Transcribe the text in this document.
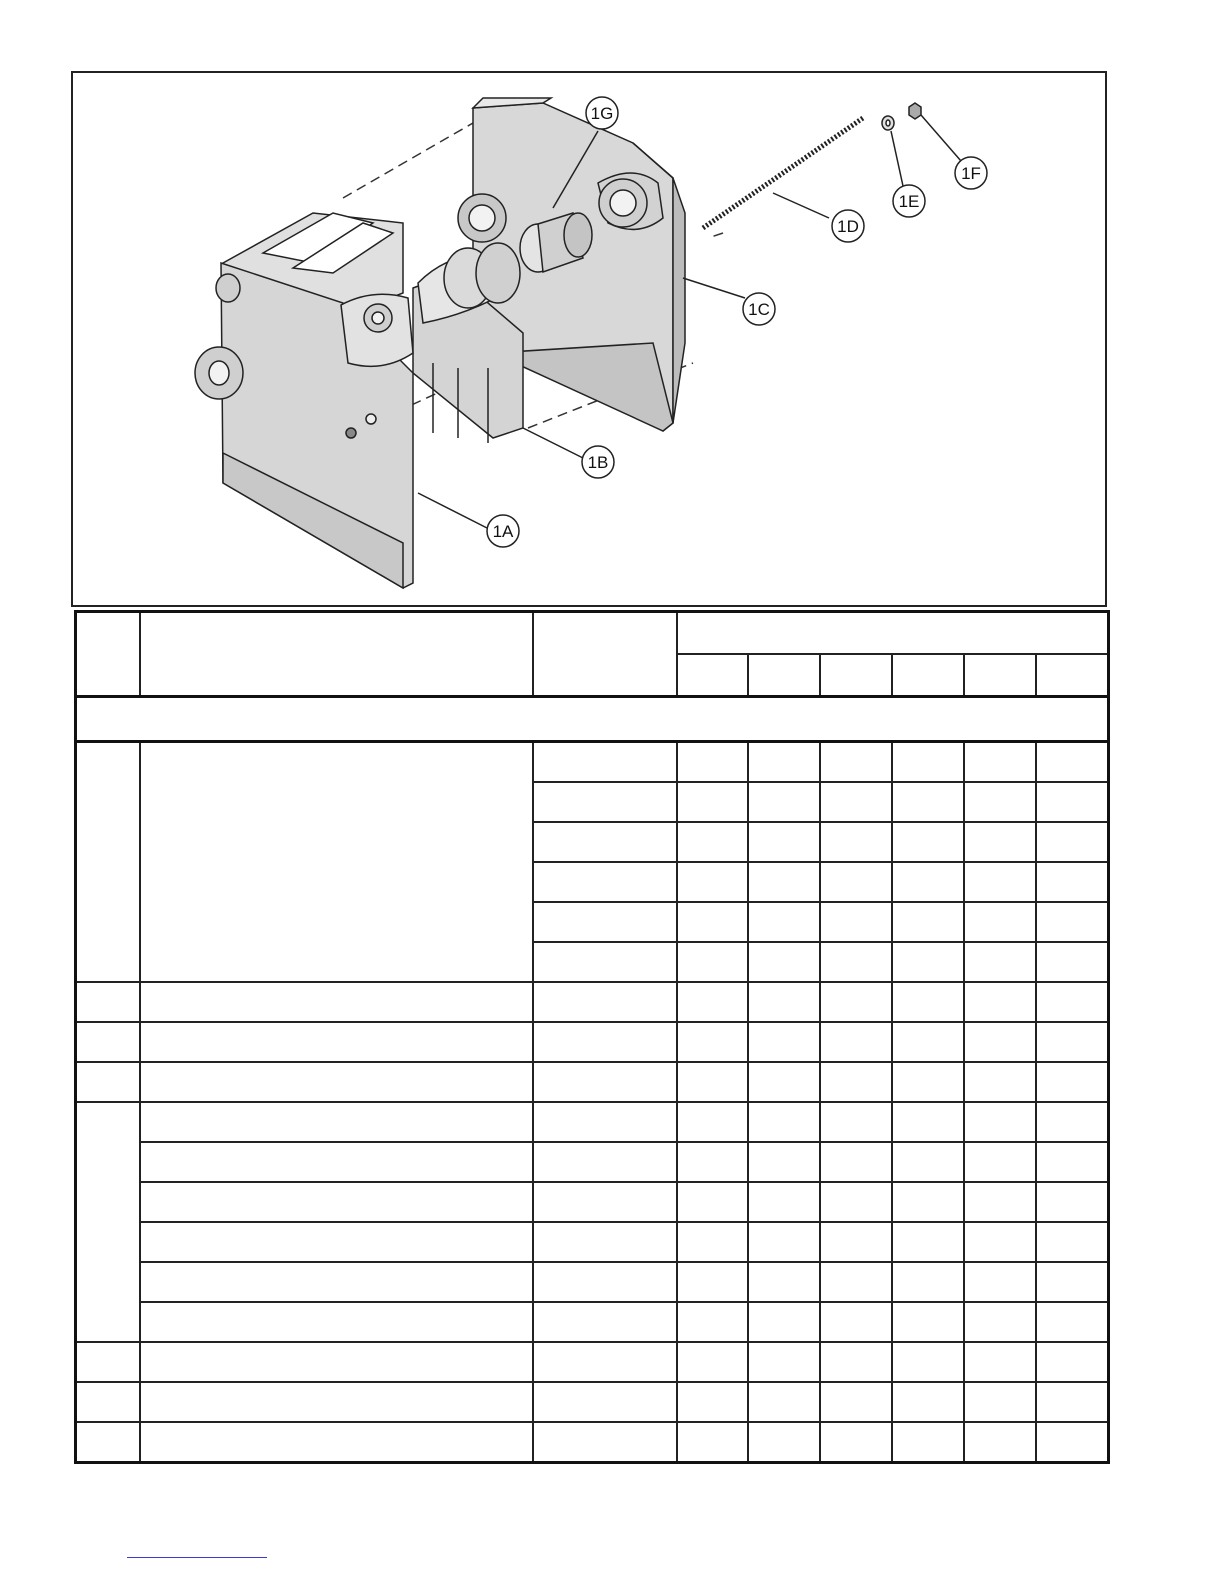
1G
1F
1E
1D
1C
1B
1A
